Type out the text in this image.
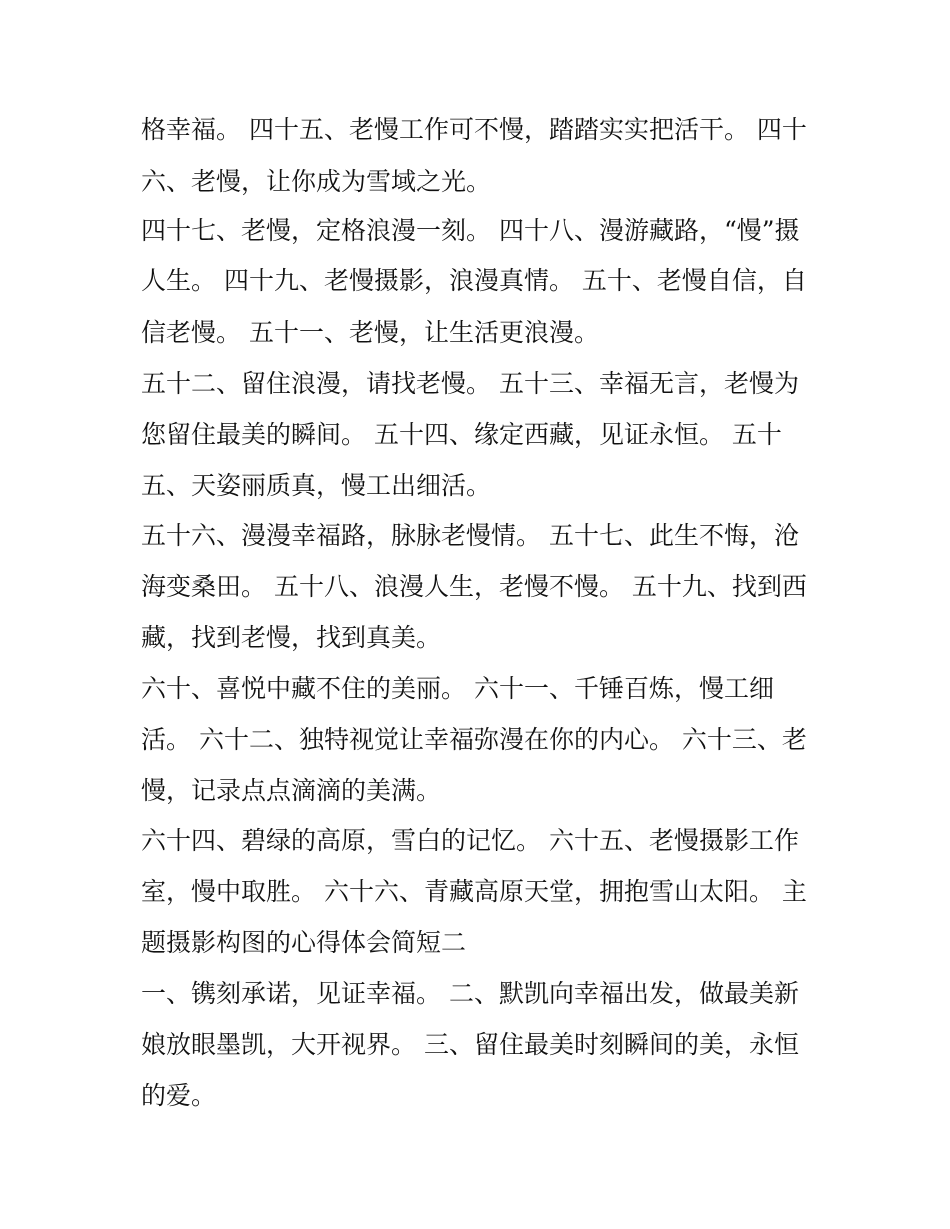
格幸福。 四十五、老慢工作可不慢，踏踏实实把活干。 四十
六、老慢，让你成为雪域之光。
四十七、老慢，定格浪漫一刻。 四十八、漫游藏路，“慢”摄
人生。 四十九、老慢摄影，浪漫真情。 五十、老慢自信，自
信老慢。 五十一、老慢，让生活更浪漫。
五十二、留住浪漫，请找老慢。 五十三、幸福无言，老慢为
您留住最美的瞬间。 五十四、缘定西藏，见证永恒。 五十
五、天姿丽质真，慢工出细活。
五十六、漫漫幸福路，脉脉老慢情。 五十七、此生不悔，沧
海变桑田。 五十八、浪漫人生，老慢不慢。 五十九、找到西
藏，找到老慢，找到真美。
六十、喜悦中藏不住的美丽。 六十一、千锤百炼，慢工细
活。 六十二、独特视觉让幸福弥漫在你的内心。 六十三、老
慢，记录点点滴滴的美满。
六十四、碧绿的高原，雪白的记忆。 六十五、老慢摄影工作
室，慢中取胜。 六十六、青藏高原天堂，拥抱雪山太阳。 主
题摄影构图的心得体会简短二
一、镌刻承诺，见证幸福。 二、默凯向幸福出发，做最美新
娘放眼墨凯，大开视界。 三、留住最美时刻瞬间的美，永恒
的爱。
